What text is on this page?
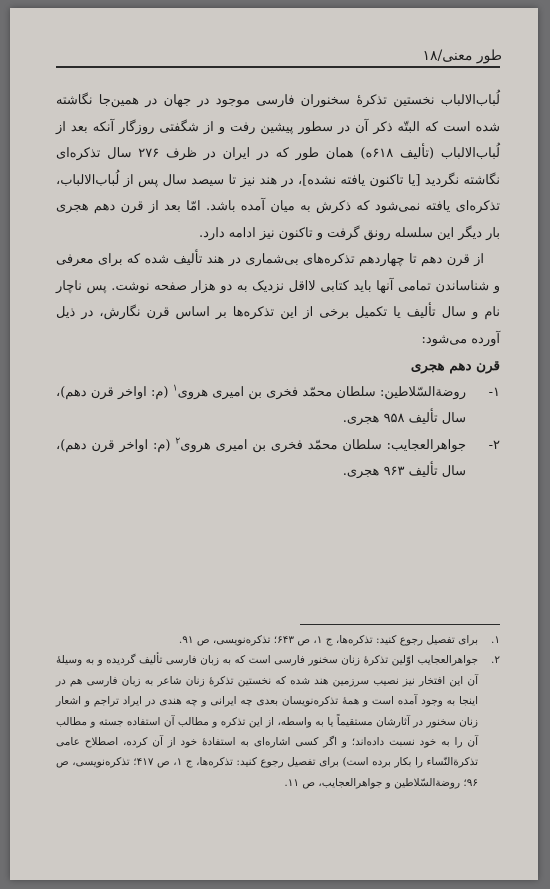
طور معنی/۱۸

لُباب‌الالباب نخستین تذکرهٔ سخنوران فارسی موجود در جهان در همین‌جا نگاشته شده است که البتّه ذکر آن در سطور پیشین رفت و از شگفتی روزگار آنکه بعد از لُباب‌الالباب (تألیف ۶۱۸ه) همان طور که در ایران در ظرف ۲۷۶ سال تذکره‌ای نگاشته نگردید [یا تاکنون یافته نشده]، در هند نیز تا سیصد سال پس از لُباب‌الالباب، تذکره‌ای یافته نمی‌شود که ذکرش به میان آمده باشد. امّا بعد از قرن دهم هجری بار دیگر این سلسله رونق گرفت و تاکنون نیز ادامه دارد.

از قرن دهم تا چهاردهم تذکره‌های بی‌شماری در هند تألیف شده که برای معرفی و شناساندن تمامی آنها باید کتابی لااقل نزدیک به دو هزار صفحه نوشت. پس ناچار نام و سال تألیف یا تکمیل برخی از این تذکره‌ها بر اساس قرن نگارش، در ذیل آورده می‌شود:

قرن دهم هجری

۱-
روضة‌السّلاطین: سلطان محمّد فخری بن امیری هروی$^۱$ (م: اواخر قرن دهم)، سال تألیف ۹۵۸ هجری.
۲-
جواهرالعجایب: سلطان محمّد فخری بن امیری هروی$^۲$ (م: اواخر قرن دهم)، سال تألیف ۹۶۳ هجری.
۱.
برای تفصیل رجوع کنید: تذکره‌ها، ج ۱، ص ۶۴۳؛ تذکره‌نویسی، ص ۹۱.
۲.
جواهرالعجایب اوّلین تذکرهٔ زنان سخنور فارسی است که به زبان فارسی تألیف گردیده و به وسیلهٔ آن این افتخار نیز نصیب سرزمین هند شده که نخستین تذکرهٔ زنان شاعر به زبان فارسی هم در اینجا به وجود آمده است و همهٔ تذکره‌نویسان بعدی چه ایرانی و چه هندی در ایراد تراجم و اشعار زنان سخنور در آثارشان مستقیماً یا به واسطه، از این تذکره و مطالب آن استفاده جسته و مطالب آن را به خود نسبت داده‌اند؛ و اگر کسی اشاره‌ای به استفادهٔ خود از آن کرده، اصطلاح عامی تذکرةالنّساء را بکار برده است) برای تفصیل رجوع کنید: تذکره‌ها، ج ۱، ص ۴۱۷؛ تذکره‌نویسی، ص ۹۶؛ روضة‌السّلاطین و جواهرالعجایب، ص ۱۱.
